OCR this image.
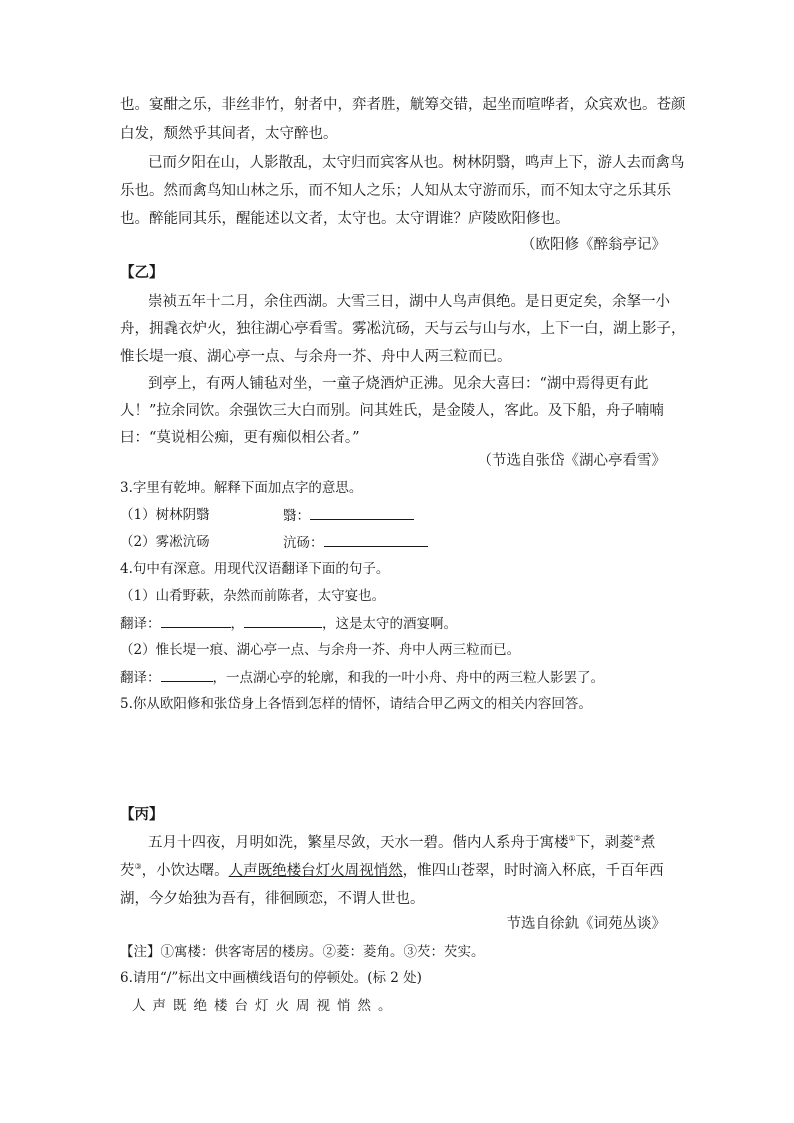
也。宴酣之乐，非丝非竹，射者中，弈者胜，觥筹交错，起坐而喧哗者，众宾欢也。苍颜
白发，颓然乎其间者，太守醉也。
已而夕阳在山，人影散乱，太守归而宾客从也。树林阴翳，鸣声上下，游人去而禽鸟
乐也。然而禽鸟知山林之乐，而不知人之乐；人知从太守游而乐，而不知太守之乐其乐
也。醉能同其乐，醒能述以文者，太守也。太守谓谁？庐陵欧阳修也。
（欧阳修《醉翁亭记》
【乙】
崇祯五年十二月，余住西湖。大雪三日，湖中人鸟声俱绝。是日更定矣，余拏一小
舟，拥毳衣炉火，独往湖心亭看雪。雾凇沆砀，天与云与山与水，上下一白，湖上影子，
惟长堤一痕、湖心亭一点、与余舟一芥、舟中人两三粒而已。
到亭上，有两人铺毡对坐，一童子烧酒炉正沸。见余大喜曰：“湖中焉得更有此
人！”拉余同饮。余强饮三大白而别。问其姓氏，是金陵人，客此。及下船，舟子喃喃
曰：“莫说相公痴，更有痴似相公者。”
（节选自张岱《湖心亭看雪》
3.字里有乾坤。解释下面加点字的意思。
（1）树林阴翳	翳：
（2）雾凇沆砀	沆砀：
4.句中有深意。用现代汉语翻译下面的句子。
（1）山肴野蔌，杂然而前陈者，太守宴也。
翻译：	，	，这是太守的酒宴啊。
（2）惟长堤一痕、湖心亭一点、与余舟一芥、舟中人两三粒而已。
翻译：	，一点湖心亭的轮廓，和我的一叶小舟、舟中的两三粒人影罢了。
5.你从欧阳修和张岱身上各悟到怎样的情怀，请结合甲乙两文的相关内容回答。
【丙】
五月十四夜，月明如洗，繁星尽敛，天水一碧。偕内人系舟于寓楼①下，剥菱②煮
芡③，小饮达曙。人声既绝楼台灯火周视悄然，惟四山苍翠，时时滴入杯底，千百年西
湖，今夕始独为吾有，徘徊顾恋，不谓人世也。
节选自徐釚《词苑丛谈》
【注】①寓楼：供客寄居的楼房。②菱：菱角。③芡：芡实。
6.请用“/”标出文中画横线语句的停顿处。(标 2 处)
人声既绝楼台灯火周视悄然。
